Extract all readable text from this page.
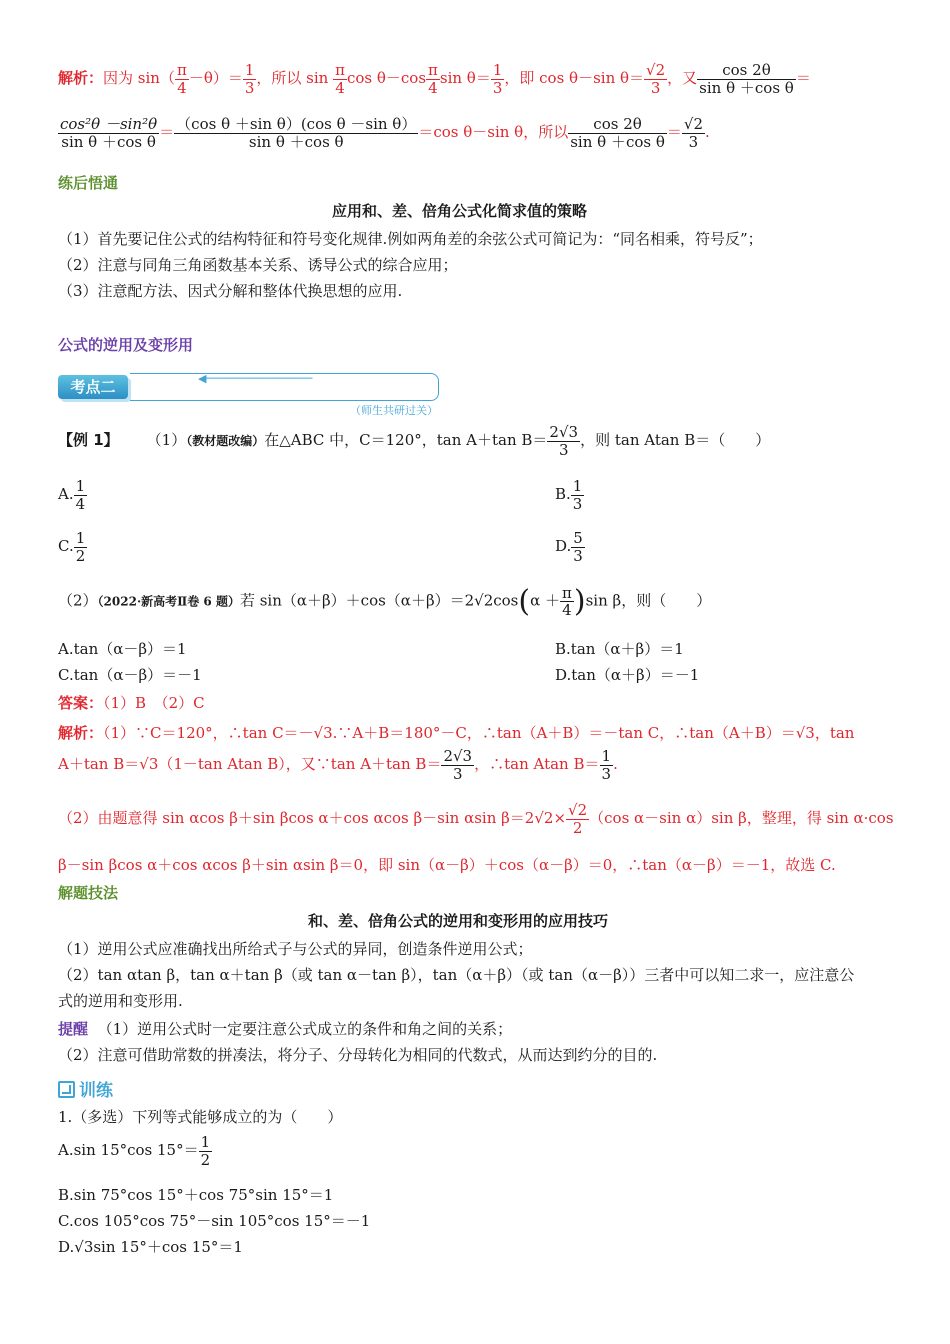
解析：因为 $\sin( \frac{\pi}{4} -\theta)= \frac{1}{3}$ ，所以 $\sin \frac{\pi}{4}$ $\cos \theta-\cos \frac{\pi}{4}$ $\sin \theta= \frac{1}{3}$ ，即 cos θ－sin $\theta= \frac{√2}{3}$ ，又 $\frac{\cos 2\theta}{\text{sin θ ＋cos θ}}$ ＝
$\frac{\text{cos²θ －sin²θ}}{\text{sin θ ＋cos θ}} = \frac{\text{（cos θ ＋sin θ）(cos θ －sin θ）}}{\text{sin θ ＋cos θ}} =\cos$ θ－sin θ，所以 $\frac{\cos 2\theta}{\text{sin θ ＋cos θ}} = \frac{√2}{3}$ .
练后悟通
应用和、差、倍角公式化简求值的策略
（1）首先要记住公式的结构特征和符号变化规律.例如两角差的余弦公式可简记为：“同名相乘，符号反”；
（2）注意与同角三角函数基本关系、诱导公式的综合应用；
（3）注意配方法、因式分解和整体代换思想的应用.
公式的逆用及变形用
考点二	◀────────────────
（师生共研过关）
【例 1】 （1）（教材题改编）在△ABC 中，C＝120°，tan A＋tan $B= \frac{2√3}{3}$ ，则 tan Atan B＝（　　）
A. $\frac{1}{4}$	B. $\frac{1}{3}$
C. $\frac{1}{2}$	D. $\frac{5}{3}$
（2）（2022·新高考Ⅱ卷 6 题）若 $\sin(\alpha+\beta)+\cos(\alpha+\beta)=2√2\cos(\alpha + \frac{\pi}{4} )\sin$ β，则（　　）
A.tan（α－β）＝1	B.tan（α＋β）＝1
C.tan（α－β）＝－1	D.tan（α＋β）＝－1
答案：（1）B　（2）C
解析：（1）∵C＝120°，∴tan C＝－√3.∵A＋B＝180°－C，∴tan（A＋B）＝－tan C，∴tan（A＋B）＝√3，tan
A＋tan B＝√3（1－tan Atan B），又∵tan A＋tan $B= \frac{2√3}{3}$ ，∴tan Atan $B= \frac{1}{3}$ .
（2）由题意得 sin αcos β＋sin βcos α＋cos αcos β－sin αsin $\beta=2√2\times \frac{√2}{2} (\cos$ α－sin α）sin β，整理，得 sin α·cos
β－sin βcos α＋cos αcos β＋sin αsin β＝0，即 sin（α－β）＋cos（α－β）＝0，∴tan（α－β）＝－1，故选 C.
解题技法
和、差、倍角公式的逆用和变形用的应用技巧
（1）逆用公式应准确找出所给式子与公式的异同，创造条件逆用公式；
（2）tan αtan β，tan α＋tan β（或 tan α－tan β），tan（α＋β）（或 tan（α－β））三者中可以知二求一，应注意公
式的逆用和变形用.
提醒 （1）逆用公式时一定要注意公式成立的条件和角之间的关系；
（2）注意可借助常数的拼凑法，将分子、分母转化为相同的代数式，从而达到约分的目的.
训练
1.（多选）下列等式能够成立的为（　　）
A.sin 15°cos $15^\circ= \frac{1}{2}$
B.sin 75°cos 15°＋cos 75°sin 15°＝1
C.cos 105°cos 75°－sin 105°cos 15°＝－1
D.√3sin 15°＋cos 15°＝1
